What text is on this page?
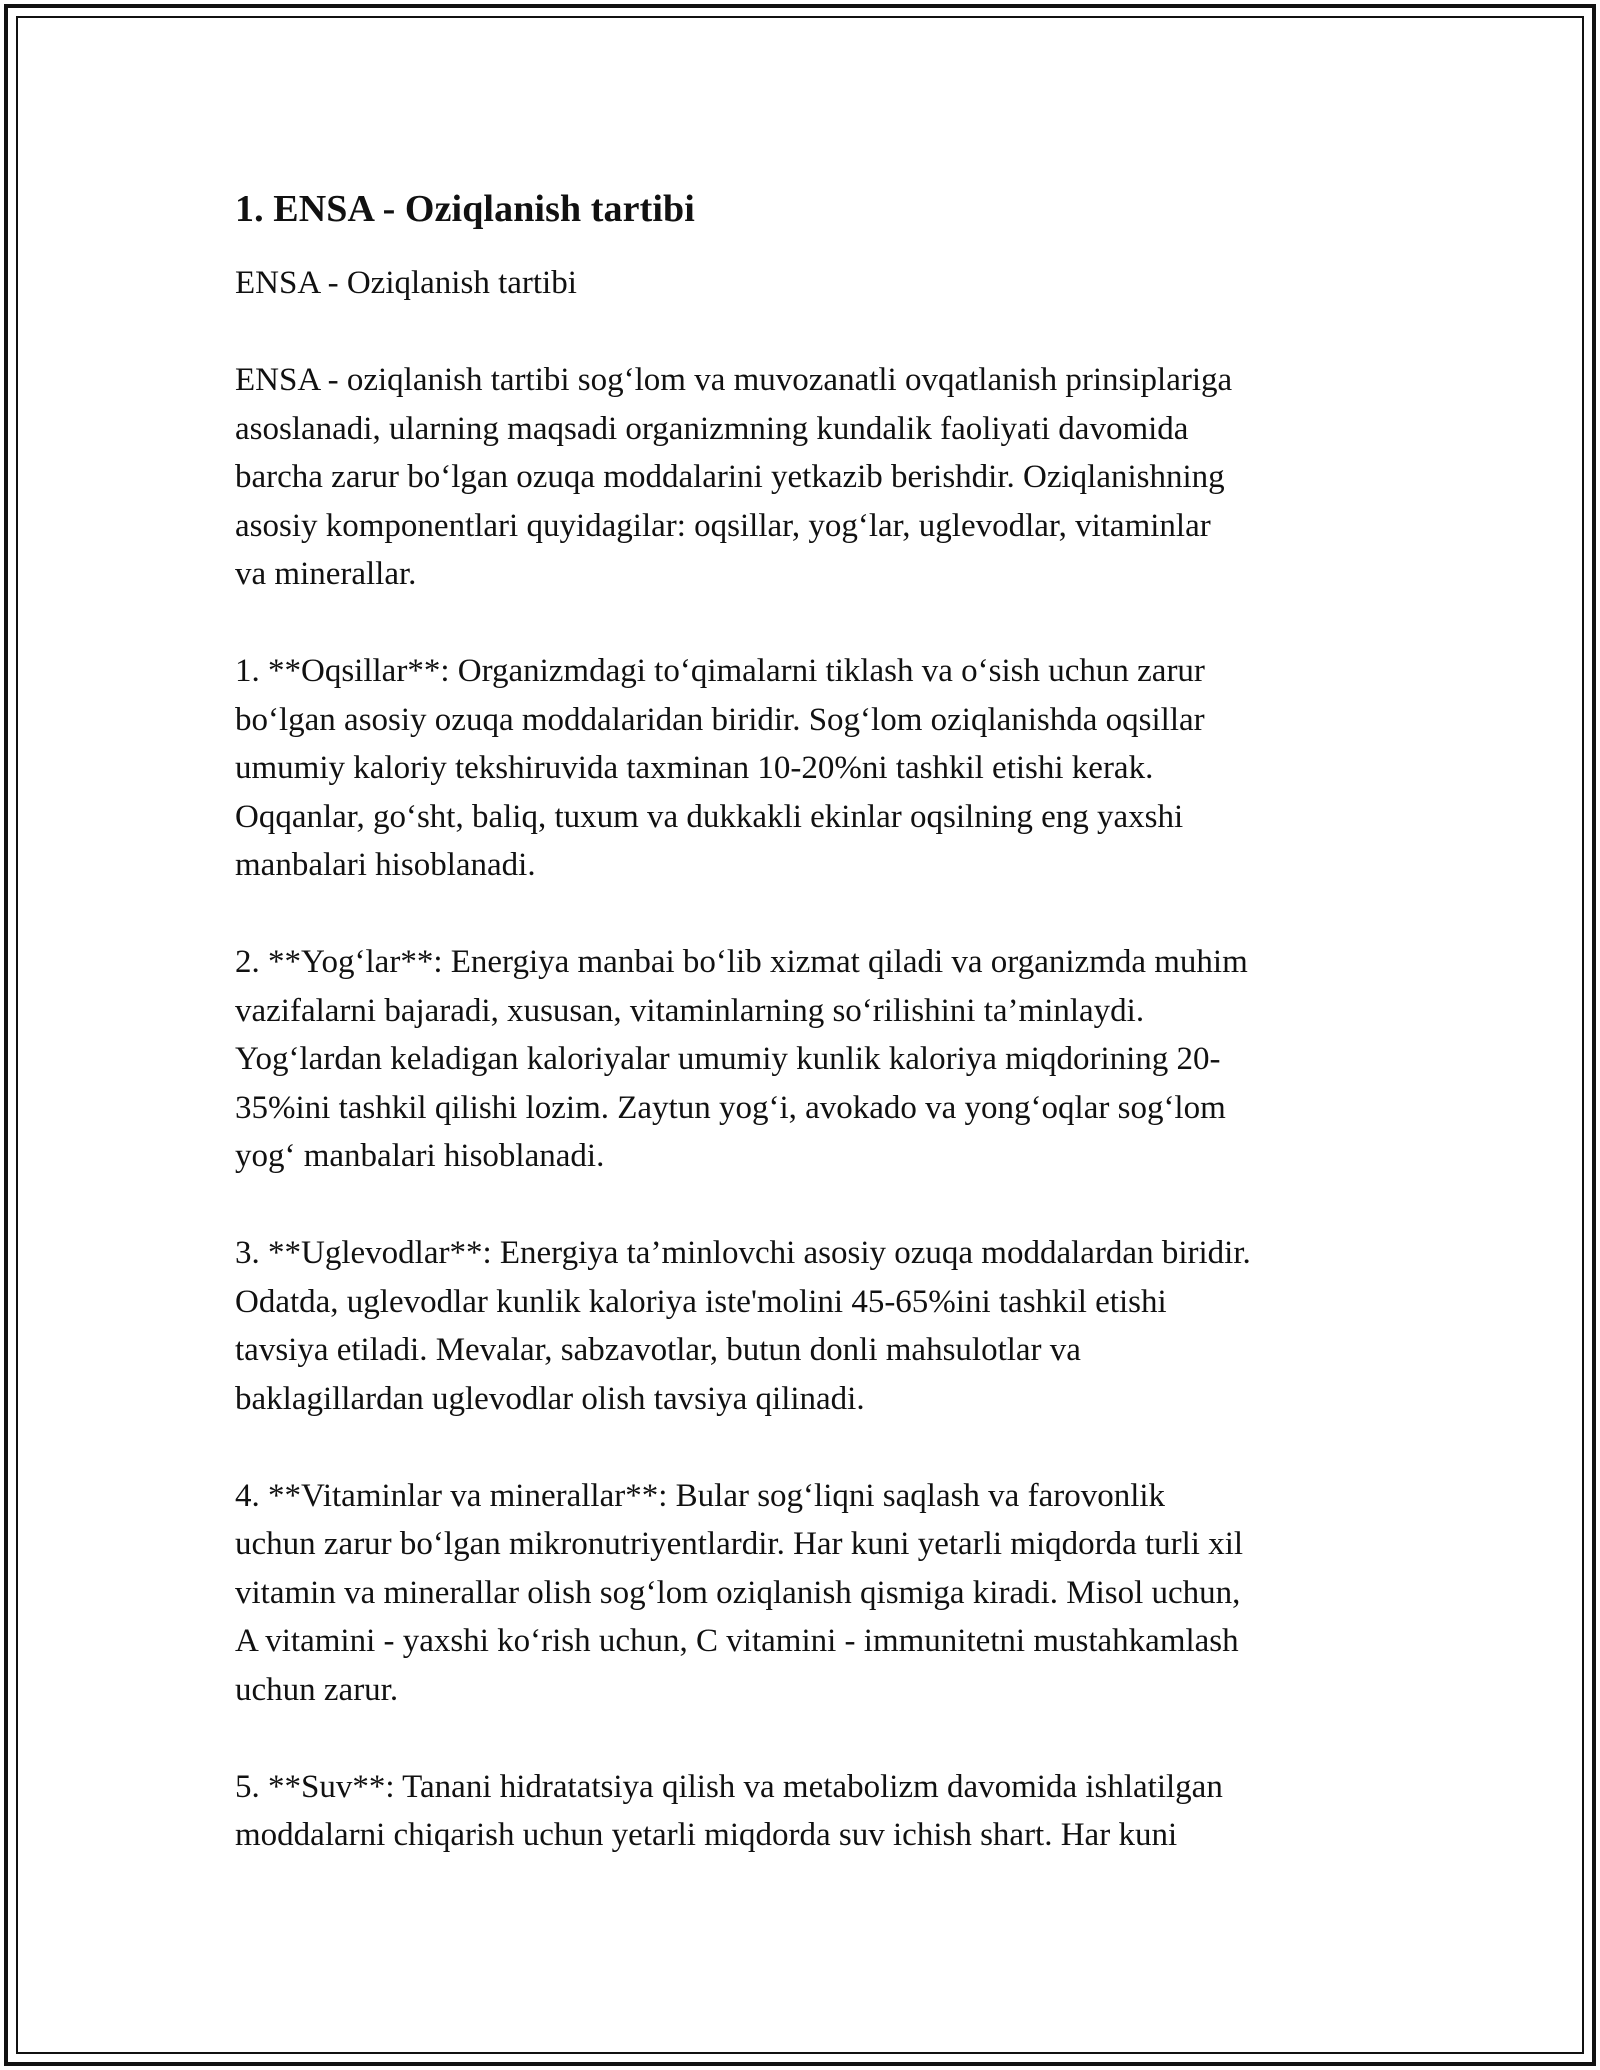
1. ENSA - Oziqlanish tartibi

ENSA - Oziqlanish tartibi

ENSA - oziqlanish tartibi sog‘lom va muvozanatli ovqatlanish prinsiplariga
asoslanadi, ularning maqsadi organizmning kundalik faoliyati davomida
barcha zarur bo‘lgan ozuqa moddalarini yetkazib berishdir. Oziqlanishning
asosiy komponentlari quyidagilar: oqsillar, yog‘lar, uglevodlar, vitaminlar
va minerallar.

1. **Oqsillar**: Organizmdagi to‘qimalarni tiklash va o‘sish uchun zarur
bo‘lgan asosiy ozuqa moddalaridan biridir. Sog‘lom oziqlanishda oqsillar
umumiy kaloriy tekshiruvida taxminan 10-20%ni tashkil etishi kerak.
Oqqanlar, go‘sht, baliq, tuxum va dukkakli ekinlar oqsilning eng yaxshi
manbalari hisoblanadi.

2. **Yog‘lar**: Energiya manbai bo‘lib xizmat qiladi va organizmda muhim
vazifalarni bajaradi, xususan, vitaminlarning so‘rilishini ta’minlaydi.
Yog‘lardan keladigan kaloriyalar umumiy kunlik kaloriya miqdorining 20-
35%ini tashkil qilishi lozim. Zaytun yog‘i, avokado va yong‘oqlar sog‘lom
yog‘ manbalari hisoblanadi.

3. **Uglevodlar**: Energiya ta’minlovchi asosiy ozuqa moddalardan biridir.
Odatda, uglevodlar kunlik kaloriya iste'molini 45-65%ini tashkil etishi
tavsiya etiladi. Mevalar, sabzavotlar, butun donli mahsulotlar va
baklagillardan uglevodlar olish tavsiya qilinadi.

4. **Vitaminlar va minerallar**: Bular sog‘liqni saqlash va farovonlik
uchun zarur bo‘lgan mikronutriyentlardir. Har kuni yetarli miqdorda turli xil
vitamin va minerallar olish sog‘lom oziqlanish qismiga kiradi. Misol uchun,
A vitamini - yaxshi ko‘rish uchun, C vitamini - immunitetni mustahkamlash
uchun zarur.

5. **Suv**: Tanani hidratatsiya qilish va metabolizm davomida ishlatilgan
moddalarni chiqarish uchun yetarli miqdorda suv ichish shart. Har kuni
